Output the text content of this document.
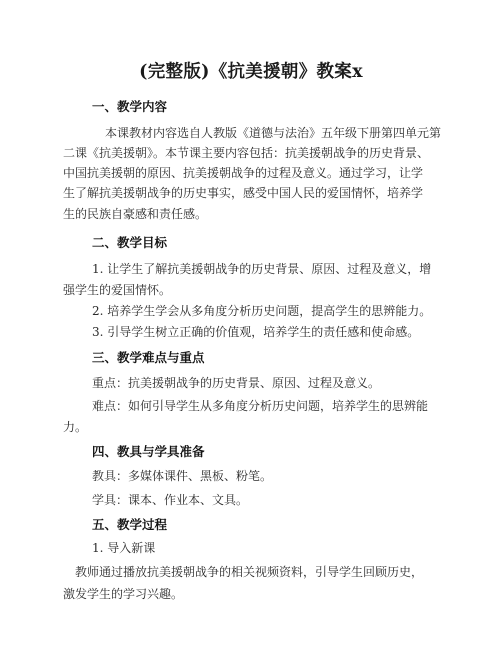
(完整版)《抗美援朝》教案x
一、教学内容
本课教材内容选自人教版《道德与法治》五年级下册第四单元第
二课《抗美援朝》。本节课主要内容包括：抗美援朝战争的历史背景、
中国抗美援朝的原因、抗美援朝战争的过程及意义。通过学习，让学
生了解抗美援朝战争的历史事实，感受中国人民的爱国情怀，培养学
生的民族自豪感和责任感。
二、教学目标
1. 让学生了解抗美援朝战争的历史背景、原因、过程及意义，增
强学生的爱国情怀。
2. 培养学生学会从多角度分析历史问题，提高学生的思辨能力。
3. 引导学生树立正确的价值观，培养学生的责任感和使命感。
三、教学难点与重点
重点：抗美援朝战争的历史背景、原因、过程及意义。
难点：如何引导学生从多角度分析历史问题，培养学生的思辨能
力。
四、教具与学具准备
教具：多媒体课件、黑板、粉笔。
学具：课本、作业本、文具。
五、教学过程
1. 导入新课
教师通过播放抗美援朝战争的相关视频资料，引导学生回顾历史，
激发学生的学习兴趣。
